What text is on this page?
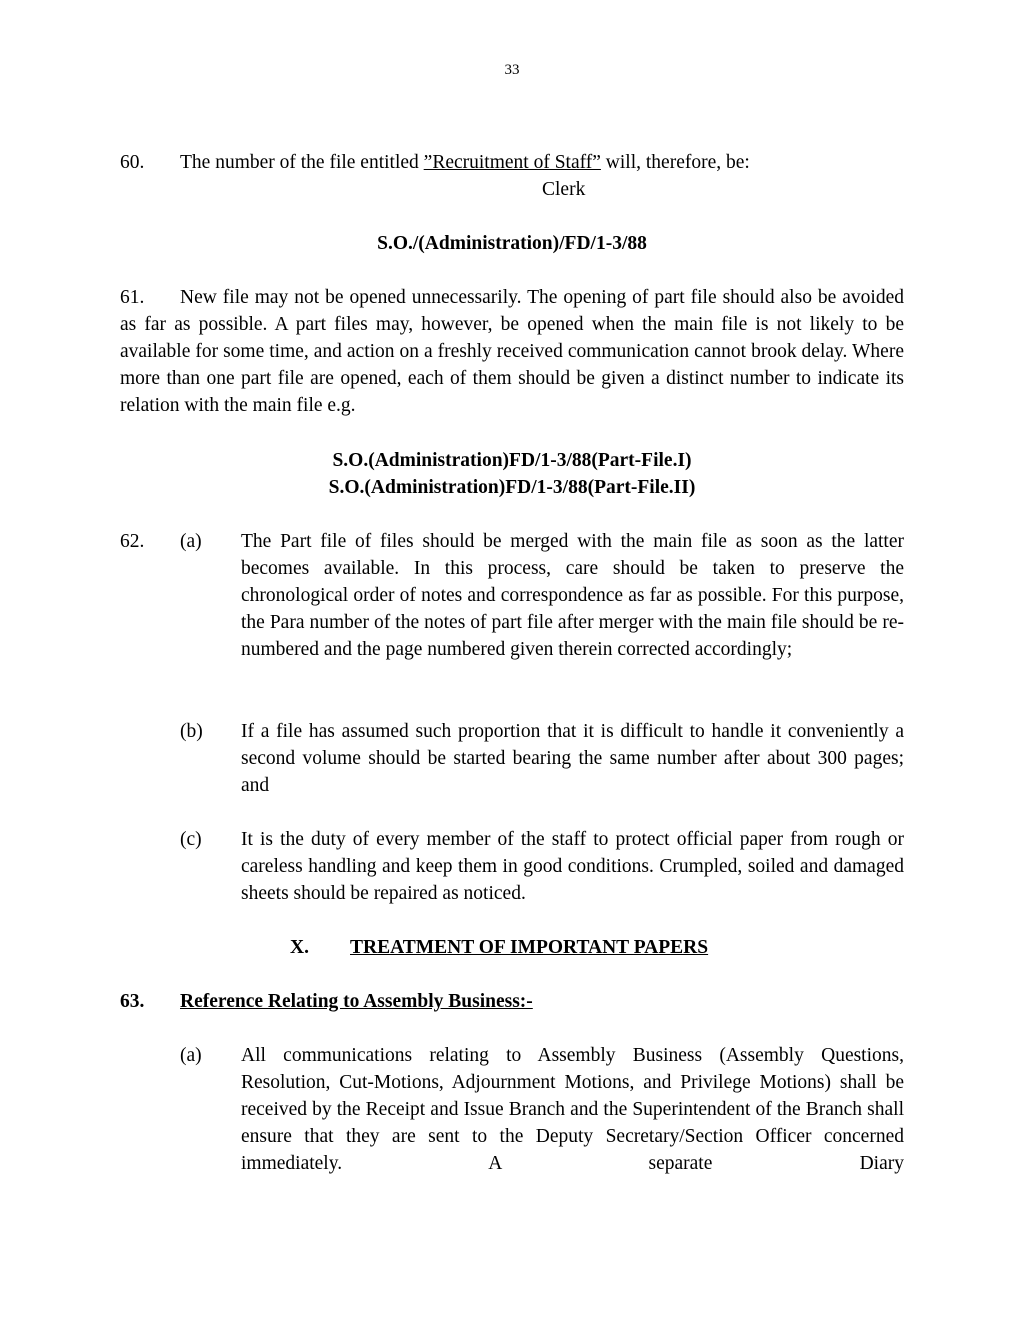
33
60. The number of the file entitled ”Recruitment of Staff” will, therefore, be:
Clerk
S.O./(Administration)/FD/1-3/88
61. New file may not be opened unnecessarily. The opening of part file should also be avoided as far as possible. A part files may, however, be opened when the main file is not likely to be available for some time, and action on a freshly received communication cannot brook delay. Where more than one part file are opened, each of them should be given a distinct number to indicate its relation with the main file e.g.
S.O.(Administration)FD/1-3/88(Part-File.I)
S.O.(Administration)FD/1-3/88(Part-File.II)
62. (a) The Part file of files should be merged with the main file as soon as the latter becomes available. In this process, care should be taken to preserve the chronological order of notes and correspondence as far as possible. For this purpose, the Para number of the notes of part file after merger with the main file should be re-numbered and the page numbered given therein corrected accordingly;
(b) If a file has assumed such proportion that it is difficult to handle it conveniently a second volume should be started bearing the same number after about 300 pages; and
(c) It is the duty of every member of the staff to protect official paper from rough or careless handling and keep them in good conditions. Crumpled, soiled and damaged sheets should be repaired as noticed.
X. TREATMENT OF IMPORTANT PAPERS
63. Reference Relating to Assembly Business:-
(a) All communications relating to Assembly Business (Assembly Questions, Resolution, Cut-Motions, Adjournment Motions, and Privilege Motions) shall be received by the Receipt and Issue Branch and the Superintendent of the Branch shall ensure that they are sent to the Deputy Secretary/Section Officer concerned immediately. A separate Diary
